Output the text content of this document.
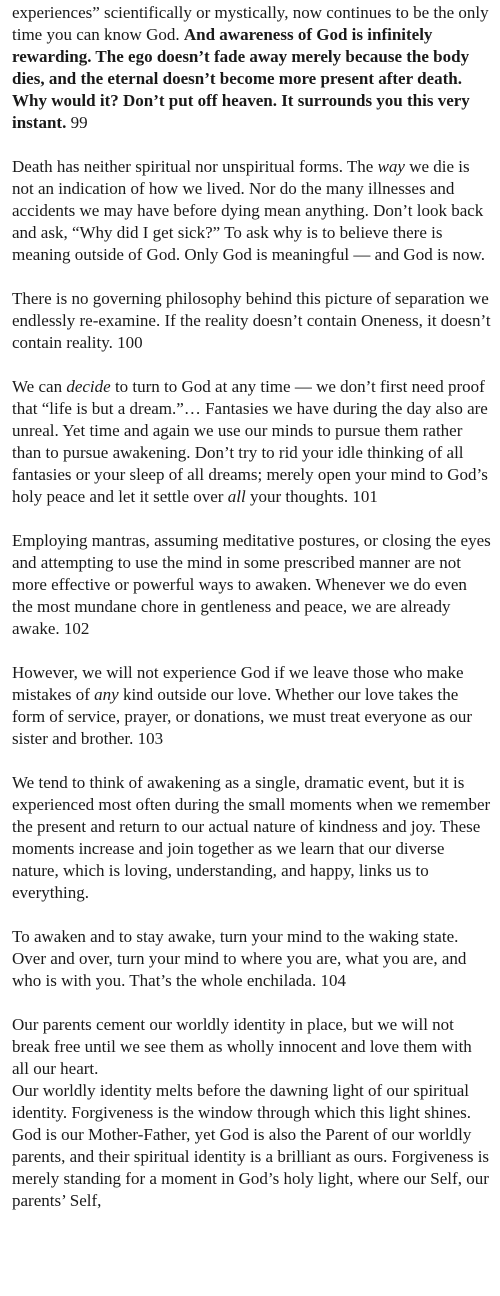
experiences” scientifically or mystically, now continues to be the only time you can know God. And awareness of God is infinitely rewarding. The ego doesn’t fade away merely because the body dies, and the eternal doesn’t become more present after death. Why would it? Don’t put off heaven. It surrounds you this very instant. 99

Death has neither spiritual nor unspiritual forms. The way we die is not an indication of how we lived. Nor do the many illnesses and accidents we may have before dying mean anything. Don’t look back and ask, “Why did I get sick?” To ask why is to believe there is meaning outside of God. Only God is meaningful — and God is now.

There is no governing philosophy behind this picture of separation we endlessly re-examine. If the reality doesn’t contain Oneness, it doesn’t contain reality. 100

We can decide to turn to God at any time — we don’t first need proof that “life is but a dream.”… Fantasies we have during the day also are unreal. Yet time and again we use our minds to pursue them rather than to pursue awakening. Don’t try to rid your idle thinking of all fantasies or your sleep of all dreams; merely open your mind to God’s holy peace and let it settle over all your thoughts. 101

Employing mantras, assuming meditative postures, or closing the eyes and attempting to use the mind in some prescribed manner are not more effective or powerful ways to awaken. Whenever we do even the most mundane chore in gentleness and peace, we are already awake. 102

However, we will not experience God if we leave those who make mistakes of any kind outside our love. Whether our love takes the form of service, prayer, or donations, we must treat everyone as our sister and brother. 103

We tend to think of awakening as a single, dramatic event, but it is experienced most often during the small moments when we remember the present and return to our actual nature of kindness and joy. These moments increase and join together as we learn that our diverse nature, which is loving, understanding, and happy, links us to everything.

To awaken and to stay awake, turn your mind to the waking state. Over and over, turn your mind to where you are, what you are, and who is with you. That’s the whole enchilada. 104

Our parents cement our worldly identity in place, but we will not break free until we see them as wholly innocent and love them with all our heart.

Our worldly identity melts before the dawning light of our spiritual identity. Forgiveness is the window through which this light shines. God is our Mother-Father, yet God is also the Parent of our worldly parents, and their spiritual identity is a brilliant as ours. Forgiveness is merely standing for a moment in God’s holy light, where our Self, our parents’ Self,
